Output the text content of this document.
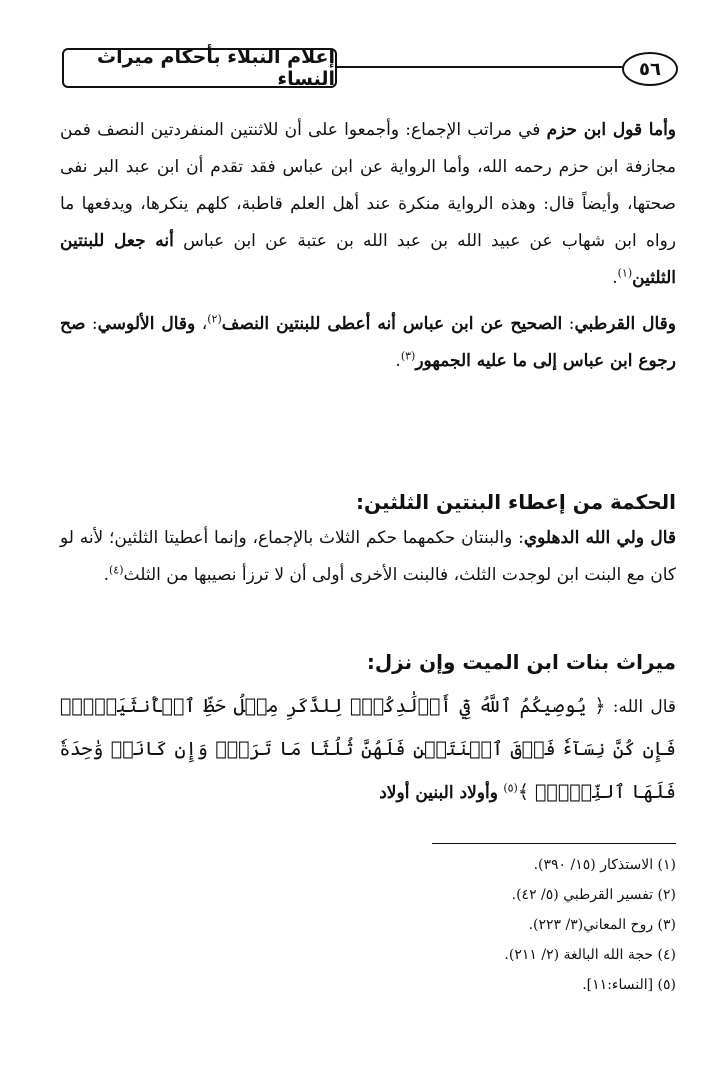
إعلام النبلاء بأحكام ميراث النساء	٥٦
وأما قول ابن حزم في مراتب الإجماع: وأجمعوا على أن للاثنتين المنفردتين النصف فمن مجازفة ابن حزم رحمه الله، وأما الرواية عن ابن عباس فقد تقدم أن ابن عبد البر نفى صحتها، وأيضاً قال: وهذه الرواية منكرة عند أهل العلم قاطبة، كلهم ينكرها، ويدفعها ما رواه ابن شهاب عن عبيد الله بن عبد الله بن عتبة عن ابن عباس أنه جعل للبنتين الثلثين$^{(١)}$.
وقال القرطبي: الصحيح عن ابن عباس أنه أعطى للبنتين النصف$^{(٢)}$، وقال الألوسي: صح رجوع ابن عباس إلى ما عليه الجمهور$^{(٣)}$.
الحكمة من إعطاء البنتين الثلثين:
قال ولي الله الدهلوي: والبنتان حكمهما حكم الثلاث بالإجماع، وإنما أعطيتا الثلثين؛ لأنه لو كان مع البنت ابن لوجدت الثلث، فالبنت الأخرى أولى أن لا ترزأ نصيبها من الثلث$^{(٤)}$.
ميراث بنات ابن الميت وإن نزل:
قال الله: ﴿ يُوصِيكُمُ ٱللَّهُ فِيٓ أَوۡلَٰدِكُمۡۖ لِلذَّكَرِ مِثۡلُ حَظِّ ٱلۡأُنثَيَيۡنِۚ فَإِن كُنَّ نِسَآءٗ فَوۡقَ ٱثۡنَتَيۡنِ فَلَهُنَّ ثُلُثَا مَا تَرَكَۖ وَإِن كَانَتۡ وَٰحِدَةٗ فَلَهَا ٱلنِّصۡفُۚ ﴾$^{(٥)}$ وأولاد البنين أولاد
(١) الاستذكار (١٥/ ٣٩٠).
(٢) تفسير القرطبي (٥/ ٤٢).
(٣) روح المعاني(٣/ ٢٢٣).
(٤) حجة الله البالغة (٢/ ٢١١).
(٥) [النساء:١١].
